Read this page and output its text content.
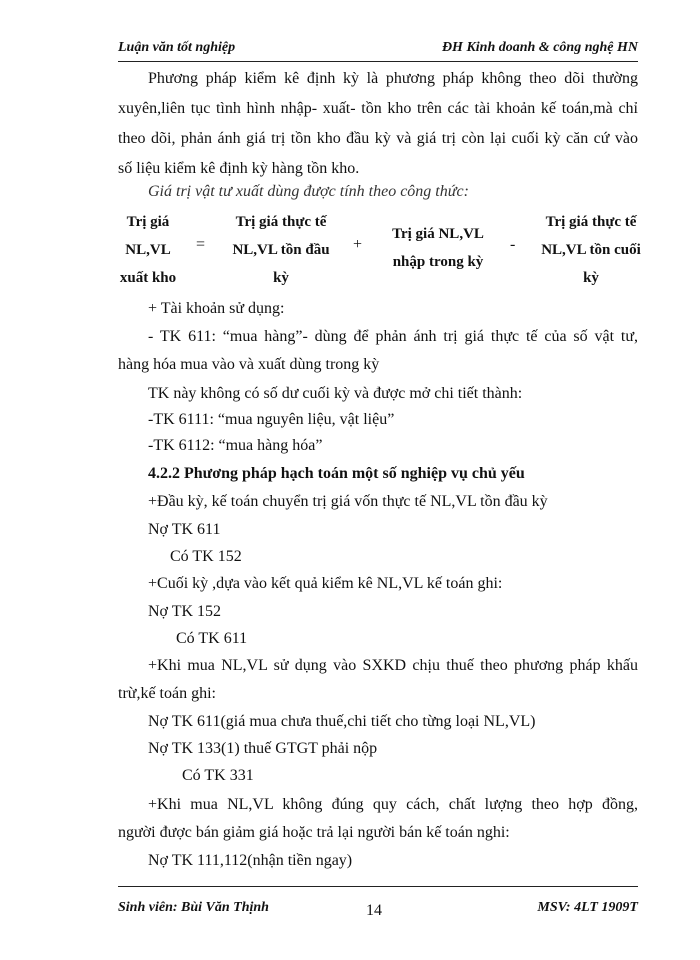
Luận văn tốt nghiệp	ĐH Kinh doanh & công nghệ HN
Phương pháp kiểm kê định kỳ là phương pháp không theo dõi thường
xuyên,liên tục tình hình nhập- xuất- tồn kho trên các tài khoản kế toán,mà chỉ
theo dõi, phản ánh giá trị tồn kho đầu kỳ và giá trị còn lại cuối kỳ căn cứ vào
số liệu kiểm kê định kỳ hàng tồn kho.
Giá trị vật tư xuất dùng được tính theo công thức:
Trị giá
NL,VL
xuất kho
=
Trị giá thực tế
NL,VL tồn đầu
kỳ
+
Trị giá NL,VL
nhập trong kỳ
-
Trị giá thực tế
NL,VL tồn cuối
kỳ
+ Tài khoản sử dụng:
- TK 611: “mua hàng”- dùng để phản ánh trị giá thực tế của số vật tư,
hàng hóa mua vào và xuất dùng trong kỳ
TK này không có số dư cuối kỳ và được mở chi tiết thành:
-TK 6111: “mua nguyên liệu, vật liệu”
-TK 6112: “mua hàng hóa”
4.2.2 Phương pháp hạch toán một số nghiệp vụ chủ yếu
+Đầu kỳ, kế toán chuyển trị giá vốn thực tế NL,VL tồn đầu kỳ
Nợ TK 611
Có TK 152
+Cuối kỳ ,dựa vào kết quả kiểm kê NL,VL kế toán ghi:
Nợ TK 152
Có TK 611
+Khi mua NL,VL sử dụng vào SXKD chịu thuế theo phương pháp khấu
trừ,kế toán ghi:
Nợ TK 611(giá mua chưa thuế,chi tiết cho từng loại NL,VL)
Nợ TK 133(1) thuế GTGT phải nộp
Có TK 331
+Khi mua NL,VL không đúng quy cách, chất lượng theo hợp đồng,
người được bán giảm giá hoặc trả lại người bán kế toán nghi:
Nợ TK 111,112(nhận tiền ngay)
Sinh viên: Bùi Văn Thịnh	14	MSV: 4LT 1909T
